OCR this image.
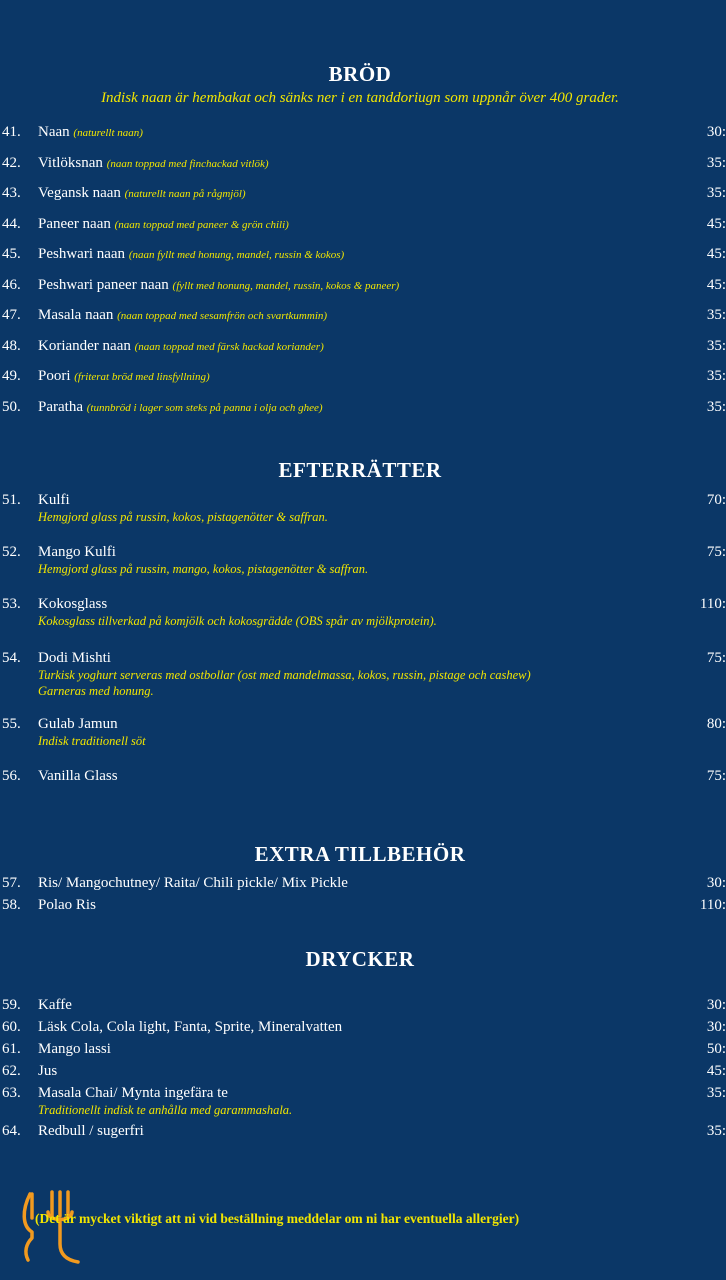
BRÖD
Indisk naan är hembakat och sänks ner i en tanddoriugn som uppnår över 400 grader.
41. Naan (naturellt naan)	30:
42. Vitlöksnan (naan toppad med finchackad vitlök)	35:
43. Vegansk naan (naturellt naan på rågmjöl)	35:
44. Paneer naan (naan toppad med paneer & grön chili)	45:
45. Peshwari naan (naan fyllt med honung, mandel, russin & kokos)	45:
46. Peshwari paneer naan (fyllt med honung, mandel, russin, kokos & paneer)	45:
47. Masala naan (naan toppad med sesamfrön och svartkummin)	35:
48. Koriander naan (naan toppad med färsk hackad koriander)	35:
49. Poori (friterat bröd med linsfyllning)	35:
50. Paratha (tunnbröd i lager som steks på panna i olja och ghee)	35:
EFTERRÄTTER
51. Kulfi	70:
Hemgjord glass på russin, kokos, pistagenötter & saffran.
52. Mango Kulfi	75:
Hemgjord glass på russin, mango, kokos, pistagenötter & saffran.
53. Kokosglass	110:
Kokosglass tillverkad på komjölk och kokosgrädde (OBS spår av mjölkprotein).
54. Dodi Mishti	75:
Turkisk yoghurt serveras med ostbollar (ost med mandelmassa, kokos, russin, pistage och cashew)
Garneras med honung.
55. Gulab Jamun	80:
Indisk traditionell söt
56. Vanilla Glass	75:
EXTRA TILLBEHÖR
57. Ris/ Mangochutney/ Raita/ Chili pickle/ Mix Pickle	30:
58. Polao Ris	110:
DRYCKER
59. Kaffe	30:
60. Läsk Cola, Cola light, Fanta, Sprite, Mineralvatten	30:
61. Mango lassi	50:
62. Jus	45:
63. Masala Chai/ Mynta ingefära te	35:
Traditionellt indisk te anhålla med garammashala.
64. Redbull / sugerfri	35:
(Det är mycket viktigt att ni vid beställning meddelar om ni har eventuella allergier)
